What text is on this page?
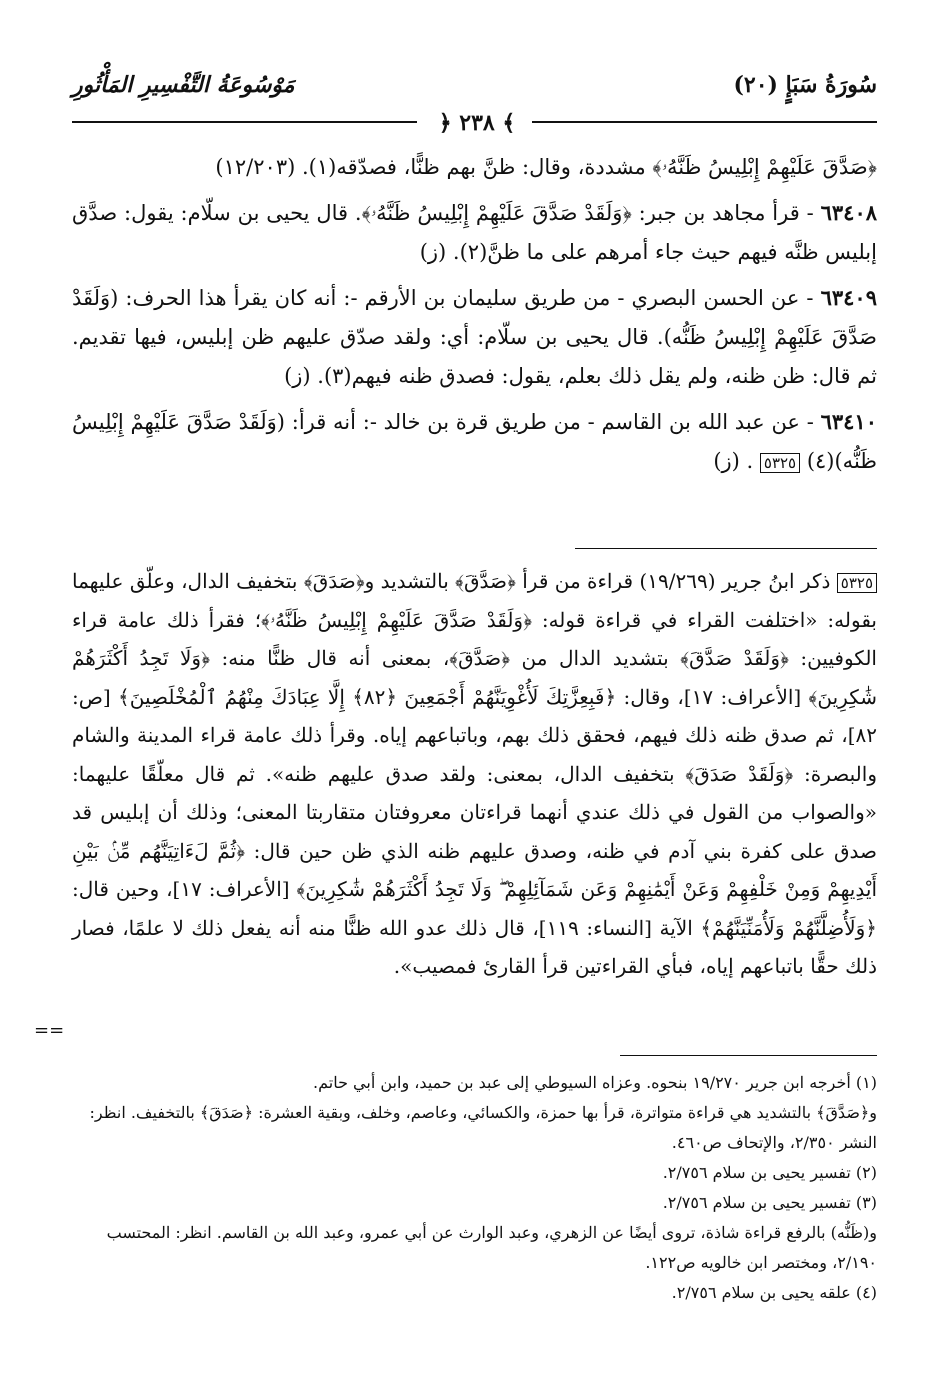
سُورَةُ سَبَإٍ (٢٠)
مَوْسُوعَةُ التَّفْسِيرِ المَأْثُورِ
﴾ ٢٣٨ ﴿

﴿صَدَّقَ عَلَيْهِمْ إِبْلِيسُ ظَنَّهُۥ﴾ مشددة، وقال: ظنَّ بهم ظنًّا، فصدّقه(١). (١٢/٢٠٣)

٦٣٤٠٨ - قرأ مجاهد بن جبر: ﴿وَلَقَدْ صَدَّقَ عَلَيْهِمْ إِبْلِيسُ ظَنَّهُۥ﴾. قال يحيى بن سلّام: يقول: صدَّق إبليس ظنَّه فيهم حيث جاء أمرهم على ما ظنَّ(٢). (ز)

٦٣٤٠٩ - عن الحسن البصري - من طريق سليمان بن الأرقم -: أنه كان يقرأ هذا الحرف: (وَلَقَدْ صَدَّقَ عَلَيْهِمْ إِبْلِيسُ ظَنُّه). قال يحيى بن سلّام: أي: ولقد صدّق عليهم ظن إبليس، فيها تقديم. ثم قال: ظن ظنه، ولم يقل ذلك بعلم، يقول: فصدق ظنه فيهم(٣). (ز)

٦٣٤١٠ - عن عبد الله بن القاسم - من طريق قرة بن خالد -: أنه قرأ: (وَلَقَدْ صَدَّقَ عَلَيْهِمْ إِبْلِيسُ ظَنُّه)(٤) ٥٣٢٥ . (ز)

٥٣٢٥ ذكر ابنُ جرير (١٩/٢٦٩) قراءة من قرأ ﴿صَدَّقَ﴾ بالتشديد و﴿صَدَقَ﴾ بتخفيف الدال، وعلّق عليهما بقوله: «اختلفت القراء في قراءة قوله: ﴿وَلَقَدْ صَدَّقَ عَلَيْهِمْ إِبْلِيسُ ظَنَّهُۥ﴾؛ فقرأ ذلك عامة قراء الكوفيين: ﴿وَلَقَدْ صَدَّقَ﴾ بتشديد الدال من ﴿صَدَّقَ﴾، بمعنى أنه قال ظنًّا منه: ﴿وَلَا تَجِدُ أَكْثَرَهُمْ شَٰكِرِينَ﴾ [الأعراف: ١٧]، وقال: ﴿فَبِعِزَّتِكَ لَأُغْوِيَنَّهُمْ أَجْمَعِينَ ﴿٨٢﴾ إِلَّا عِبَادَكَ مِنْهُمُ ٱلْمُخْلَصِينَ﴾ [ص: ٨٢]، ثم صدق ظنه ذلك فيهم، فحقق ذلك بهم، وباتباعهم إياه. وقرأ ذلك عامة قراء المدينة والشام والبصرة: ﴿وَلَقَدْ صَدَقَ﴾ بتخفيف الدال، بمعنى: ولقد صدق عليهم ظنه». ثم قال معلّقًا عليهما: «والصواب من القول في ذلك عندي أنهما قراءتان معروفتان متقاربتا المعنى؛ وذلك أن إبليس قد صدق على كفرة بني آدم في ظنه، وصدق عليهم ظنه الذي ظن حين قال: ﴿ثُمَّ لَءَاتِيَنَّهُم مِّنۢ بَيْنِ أَيْدِيهِمْ وَمِنْ خَلْفِهِمْ وَعَنْ أَيْمَٰنِهِمْ وَعَن شَمَآئِلِهِمْ ۖ وَلَا تَجِدُ أَكْثَرَهُمْ شَٰكِرِينَ﴾ [الأعراف: ١٧]، وحين قال: ﴿وَلَأُضِلَّنَّهُمْ وَلَأُمَنِّيَنَّهُمْ﴾ الآية [النساء: ١١٩]، قال ذلك عدو الله ظنًّا منه أنه يفعل ذلك لا علمًا، فصار ذلك حقًّا باتباعهم إياه، فبأي القراءتين قرأ القارئ فمصيب».

==

(١) أخرجه ابن جرير ١٩/٢٧٠ بنحوه. وعزاه السيوطي إلى عبد بن حميد، وابن أبي حاتم.

و﴿صَدَّقَ﴾ بالتشديد هي قراءة متواترة، قرأ بها حمزة، والكسائي، وعاصم، وخلف، وبقية العشرة: ﴿صَدَقَ﴾ بالتخفيف. انظر: النشر ٢/٣٥٠، والإتحاف ص٤٦٠.

(٢) تفسير يحيى بن سلام ٢/٧٥٦.

(٣) تفسير يحيى بن سلام ٢/٧٥٦.

و(ظَنُّه) بالرفع قراءة شاذة، تروى أيضًا عن الزهري، وعبد الوارث عن أبي عمرو، وعبد الله بن القاسم. انظر: المحتسب ٢/١٩٠، ومختصر ابن خالويه ص١٢٢.

(٤) علقه يحيى بن سلام ٢/٧٥٦.
